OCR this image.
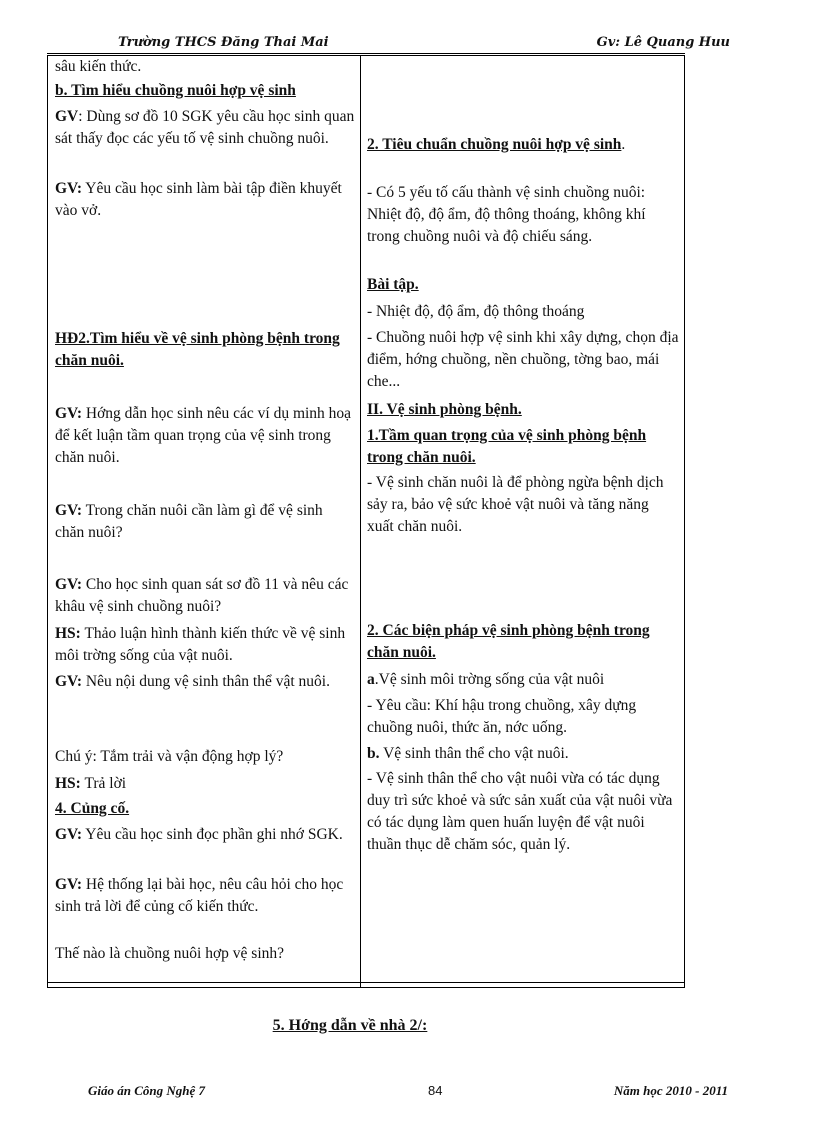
Trường THCS Đăng Thai Mai	Gv: Lê Quang Huu

sâu kiến thức.

b. Tìm hiểu chuồng nuôi hợp vệ sinh

GV: Dùng sơ đồ 10 SGK yêu cầu học sinh quan sát thấy đọc các yếu tố vệ sinh chuồng nuôi.

GV: Yêu cầu học sinh làm bài tập điền khuyết vào vở.

HĐ2.Tìm hiểu về vệ sinh phòng bệnh trong chăn nuôi.

GV: Hớng dẫn học sinh nêu các ví dụ minh hoạ để kết luận tầm quan trọng của vệ sinh trong chăn nuôi.

GV: Trong chăn nuôi cần làm gì để vệ sinh chăn nuôi?

GV: Cho học sinh quan sát sơ đồ 11 và nêu các khâu vệ sinh chuồng nuôi?

HS: Thảo luận hình thành kiến thức về vệ sinh môi trờng sống của vật nuôi.

GV: Nêu nội dung vệ sinh thân thể vật nuôi.

Chú ý: Tắm trải và vận động hợp lý?

HS: Trả lời

4. Củng cố.

GV: Yêu cầu học sinh đọc phần ghi nhớ SGK.

GV: Hệ thống lại bài học, nêu câu hỏi cho học sinh trả lời để củng cố kiến thức.

Thế nào là chuồng nuôi hợp vệ sinh?

2. Tiêu chuẩn chuồng nuôi hợp vệ sinh.

- Có 5 yếu tố cấu thành vệ sinh chuồng nuôi: Nhiệt độ, độ ẩm, độ thông thoáng, không khí trong chuồng nuôi và độ chiếu sáng.

Bài tập.

- Nhiệt độ, độ ẩm, độ thông thoáng

- Chuồng nuôi hợp vệ sinh khi xây dựng, chọn địa điểm, hớng chuồng, nền chuồng, tờng bao, mái che...

II. Vệ sinh phòng bệnh.

1.Tầm quan trọng của vệ sinh phòng bệnh trong chăn nuôi.

- Vệ sinh chăn nuôi là để phòng ngừa bệnh dịch sảy ra, bảo vệ sức khoẻ vật nuôi và tăng năng xuất chăn nuôi.

2. Các biện pháp vệ sinh phòng bệnh trong chăn nuôi.

a.Vệ sinh môi trờng sống của vật nuôi

- Yêu cầu: Khí hậu trong chuồng, xây dựng chuồng nuôi, thức ăn, nớc uống.

b. Vệ sinh thân thể cho vật nuôi.

- Vệ sinh thân thể cho vật nuôi vừa có tác dụng duy trì sức khoẻ và sức sản xuất của vật nuôi vừa có tác dụng làm quen huấn luyện để vật nuôi thuần thục dễ chăm sóc, quản lý.

5. Hớng dẫn về nhà 2/:
Giáo án Công Nghệ 7	84	Năm học 2010 - 2011
